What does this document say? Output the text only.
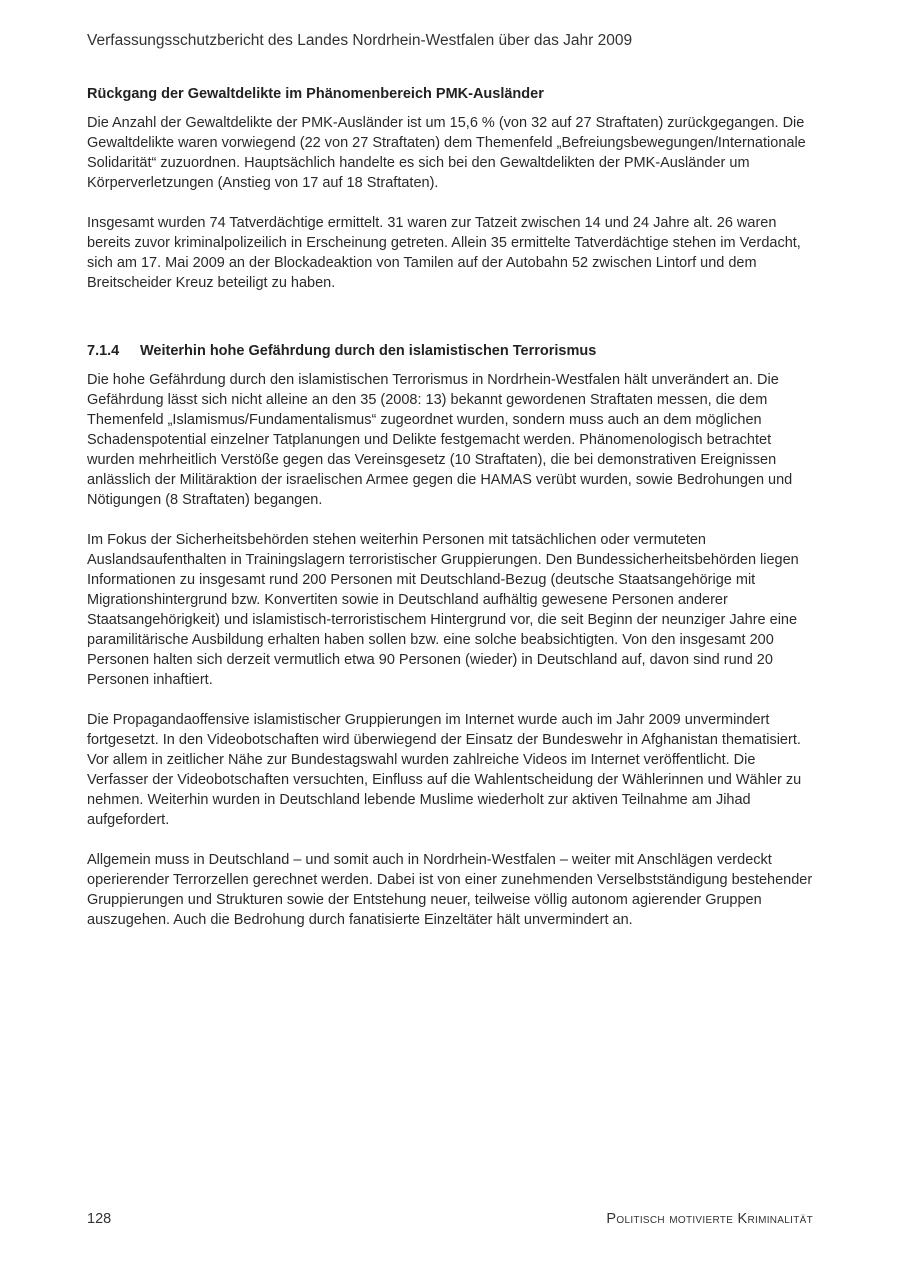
Verfassungsschutzbericht des Landes Nordrhein-Westfalen über das Jahr 2009
Rückgang der Gewaltdelikte im Phänomenbereich PMK-Ausländer

Die Anzahl der Gewaltdelikte der PMK-Ausländer ist um 15,6 % (von 32 auf 27 Straftaten) zurückgegangen. Die Gewaltdelikte waren vorwiegend (22 von 27 Straftaten) dem Themenfeld „Befreiungsbewegungen/Internationale Solidarität“ zuzuordnen. Hauptsächlich handelte es sich bei den Gewaltdelikten der PMK-Ausländer um Körperverletzungen (Anstieg von 17 auf 18 Straftaten).

Insgesamt wurden 74 Tatverdächtige ermittelt. 31 waren zur Tatzeit zwischen 14 und 24 Jahre alt. 26 waren bereits zuvor kriminalpolizeilich in Erscheinung getreten. Allein 35 ermittelte Tatverdächtige stehen im Verdacht, sich am 17. Mai 2009 an der Blockadeaktion von Tamilen auf der Autobahn 52 zwischen Lintorf und dem Breitscheider Kreuz beteiligt zu haben.

7.1.4	Weiterhin hohe Gefährdung durch den islamistischen Terrorismus

Die hohe Gefährdung durch den islamistischen Terrorismus in Nordrhein-Westfalen hält unverändert an. Die Gefährdung lässt sich nicht alleine an den 35 (2008: 13) bekannt gewordenen Straftaten messen, die dem Themenfeld „Islamismus/Fundamentalismus“ zugeordnet wurden, sondern muss auch an dem möglichen Schadenspotential einzelner Tatplanungen und Delikte festgemacht werden. Phänomenologisch betrachtet wurden mehrheitlich Verstöße gegen das Vereinsgesetz (10 Straftaten), die bei demonstrativen Ereignissen anlässlich der Militäraktion der israelischen Armee gegen die HAMAS verübt wurden, sowie Bedrohungen und Nötigungen (8 Straftaten) begangen.

Im Fokus der Sicherheitsbehörden stehen weiterhin Personen mit tatsächlichen oder vermuteten Auslandsaufenthalten in Trainingslagern terroristischer Gruppierungen. Den Bundessicherheitsbehörden liegen Informationen zu insgesamt rund 200 Personen mit Deutschland-Bezug (deutsche Staatsangehörige mit Migrationshintergrund bzw. Konvertiten sowie in Deutschland aufhältig gewesene Personen anderer Staatsangehörigkeit) und islamistisch-terroristischem Hintergrund vor, die seit Beginn der neunziger Jahre eine paramilitärische Ausbildung erhalten haben sollen bzw. eine solche beabsichtigten. Von den insgesamt 200 Personen halten sich derzeit vermutlich etwa 90 Personen (wieder) in Deutschland auf, davon sind rund 20 Personen inhaftiert.

Die Propagandaoffensive islamistischer Gruppierungen im Internet wurde auch im Jahr 2009 unvermindert fortgesetzt. In den Videobotschaften wird überwiegend der Einsatz der Bundeswehr in Afghanistan thematisiert. Vor allem in zeitlicher Nähe zur Bundestagswahl wurden zahlreiche Videos im Internet veröffentlicht. Die Verfasser der Videobotschaften versuchten, Einfluss auf die Wahlentscheidung der Wählerinnen und Wähler zu nehmen. Weiterhin wurden in Deutschland lebende Muslime wiederholt zur aktiven Teilnahme am Jihad aufgefordert.

Allgemein muss in Deutschland – und somit auch in Nordrhein-Westfalen – weiter mit Anschlägen verdeckt operierender Terrorzellen gerechnet werden. Dabei ist von einer zunehmenden Verselbstständigung bestehender Gruppierungen und Strukturen sowie der Entstehung neuer, teilweise völlig autonom agierender Gruppen auszugehen. Auch die Bedrohung durch fanatisierte Einzeltäter hält unvermindert an.

128	Politisch motivierte Kriminalität
